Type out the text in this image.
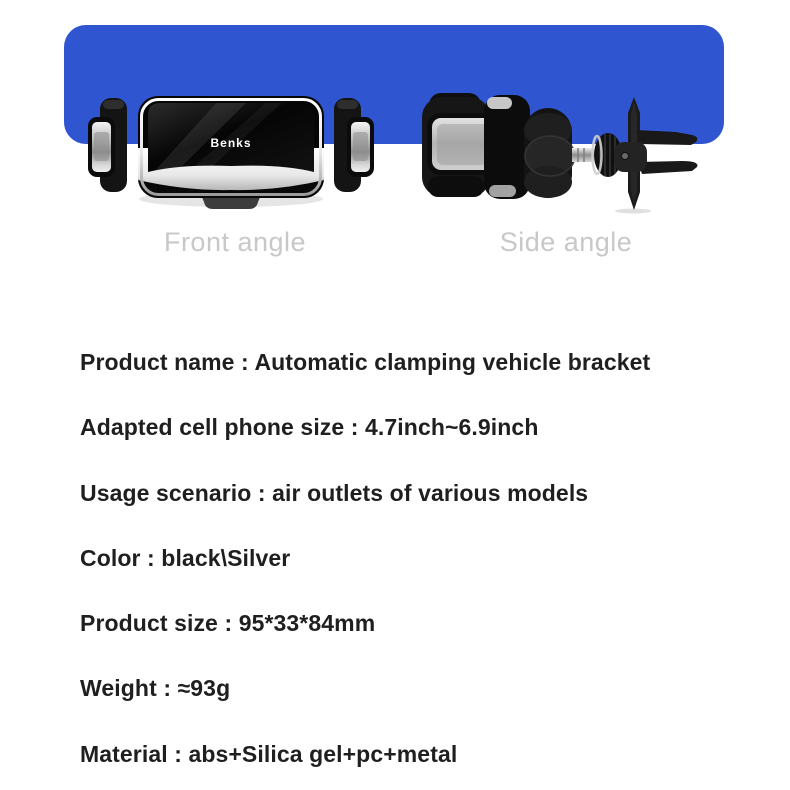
Benks
Front angle	Side angle
Product name : Automatic clamping vehicle bracket
Adapted cell phone size : 4.7inch~6.9inch
Usage scenario : air outlets of various models
Color : black\Silver
Product size : 95*33*84mm
Weight : ≈93g
Material : abs+Silica gel+pc+metal
